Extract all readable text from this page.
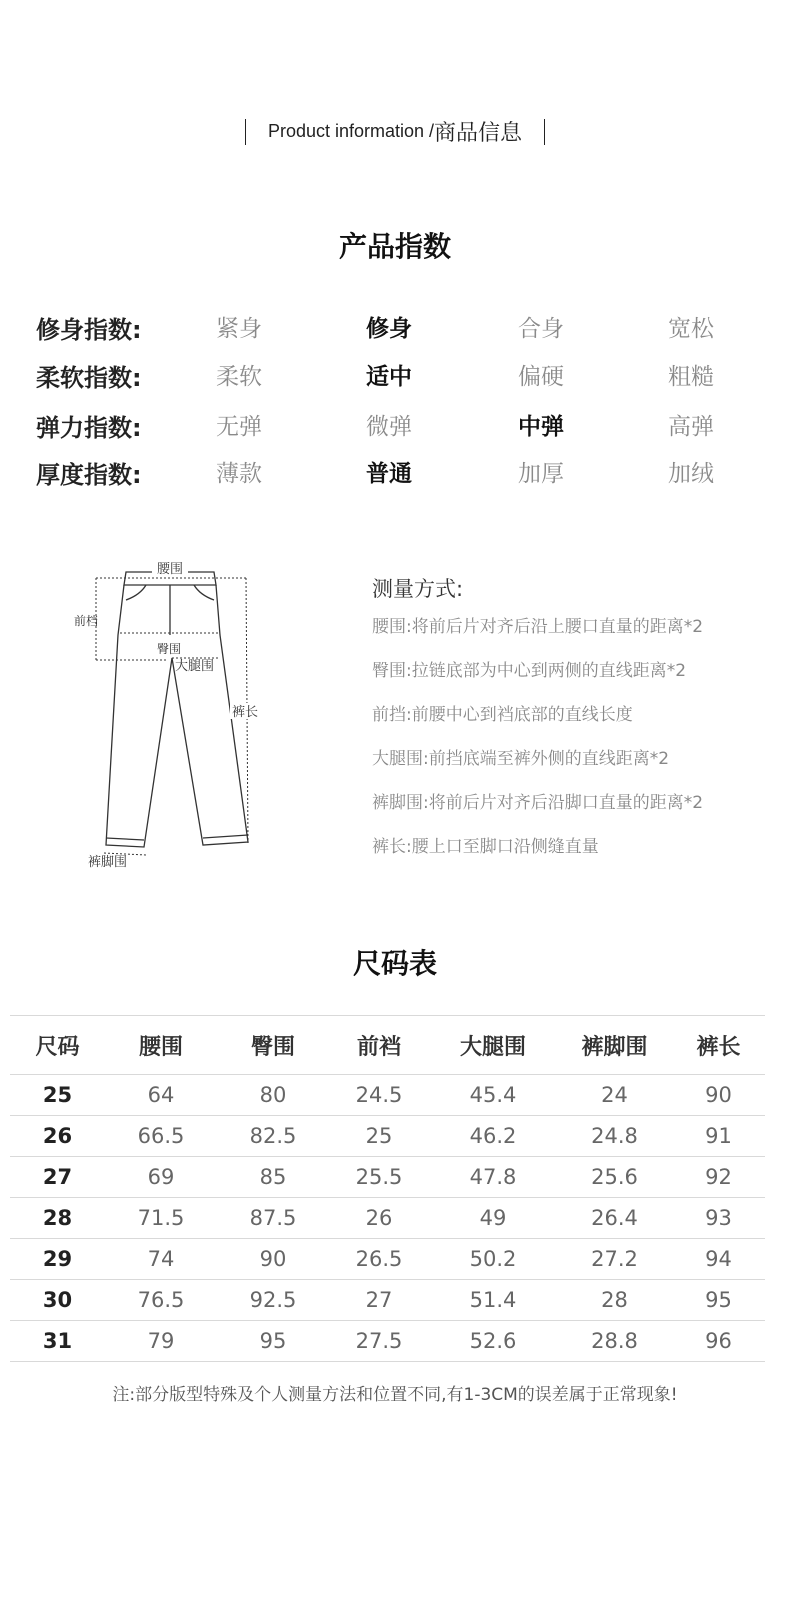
Product information / 商品信息
产品指数
修身指数:	紧身	修身	合身	宽松
柔软指数:	柔软	适中	偏硬	粗糙
弹力指数:	无弹	微弹	中弹	高弹
厚度指数:	薄款	普通	加厚	加绒
腰围
前档
臀围
大腿围
裤长
裤脚围
测量方式:
腰围:将前后片对齐后沿上腰口直量的距离*2
臀围:拉链底部为中心到两侧的直线距离*2
前挡:前腰中心到裆底部的直线长度
大腿围:前挡底端至裤外侧的直线距离*2
裤脚围:将前后片对齐后沿脚口直量的距离*2
裤长:腰上口至脚口沿侧缝直量
尺码表
尺码	腰围	臀围	前裆	大腿围	裤脚围	裤长
25	64	80	24.5	45.4	24	90
26	66.5	82.5	25	46.2	24.8	91
27	69	85	25.5	47.8	25.6	92
28	71.5	87.5	26	49	26.4	93
29	74	90	26.5	50.2	27.2	94
30	76.5	92.5	27	51.4	28	95
31	79	95	27.5	52.6	28.8	96
注:部分版型特殊及个人测量方法和位置不同,有1-3CM的误差属于正常现象!
